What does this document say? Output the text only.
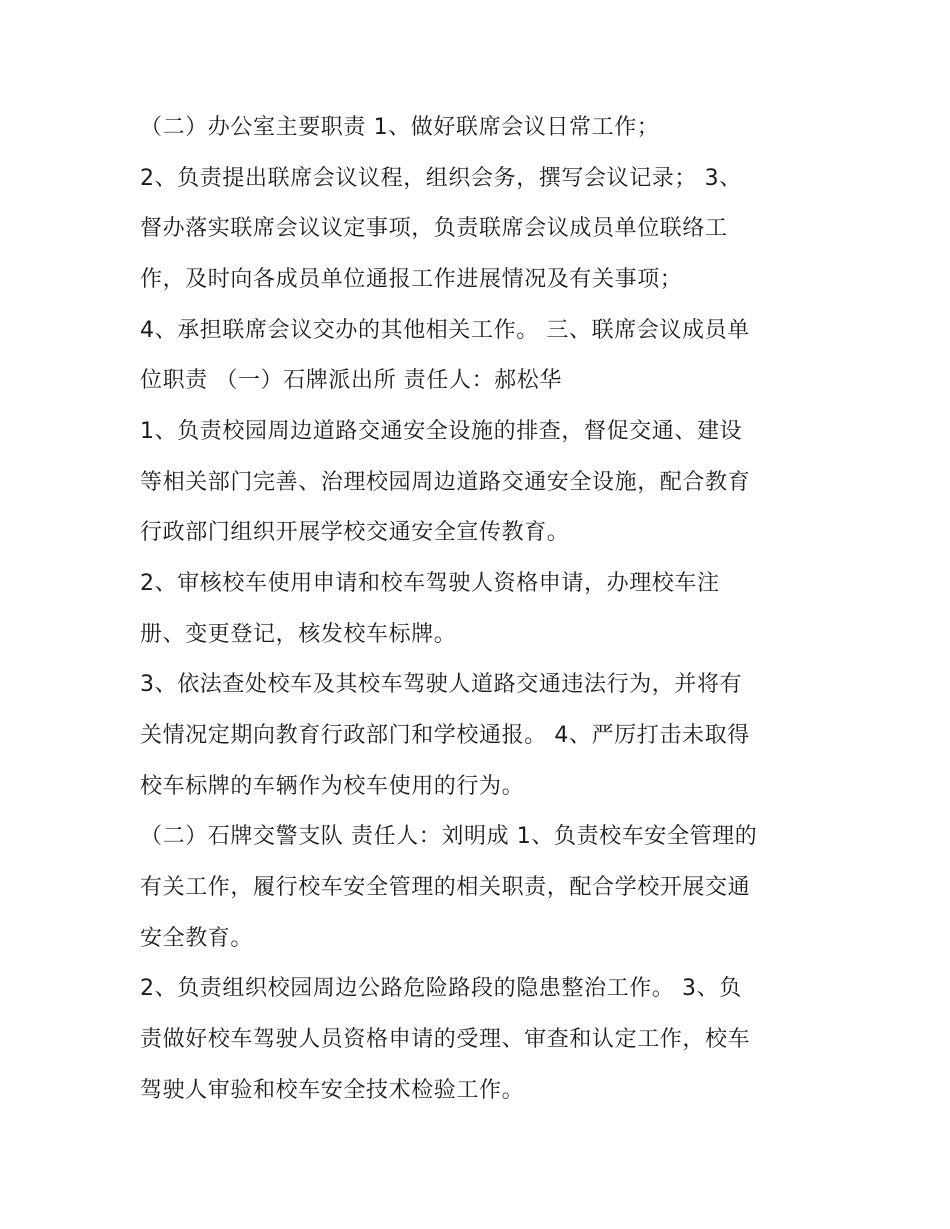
（二）办公室主要职责 1、做好联席会议日常工作；
2、负责提出联席会议议程，组织会务，撰写会议记录； 3、
督办落实联席会议议定事项，负责联席会议成员单位联络工
作，及时向各成员单位通报工作进展情况及有关事项；
4、承担联席会议交办的其他相关工作。 三、联席会议成员单
位职责 （一）石牌派出所 责任人：郝松华
1、负责校园周边道路交通安全设施的排查，督促交通、建设
等相关部门完善、治理校园周边道路交通安全设施，配合教育
行政部门组织开展学校交通安全宣传教育。
2、审核校车使用申请和校车驾驶人资格申请，办理校车注
册、变更登记，核发校车标牌。
3、依法查处校车及其校车驾驶人道路交通违法行为，并将有
关情况定期向教育行政部门和学校通报。 4、严厉打击未取得
校车标牌的车辆作为校车使用的行为。
（二）石牌交警支队 责任人：刘明成 1、负责校车安全管理的
有关工作，履行校车安全管理的相关职责，配合学校开展交通
安全教育。
2、负责组织校园周边公路危险路段的隐患整治工作。 3、负
责做好校车驾驶人员资格申请的受理、审查和认定工作，校车
驾驶人审验和校车安全技术检验工作。
